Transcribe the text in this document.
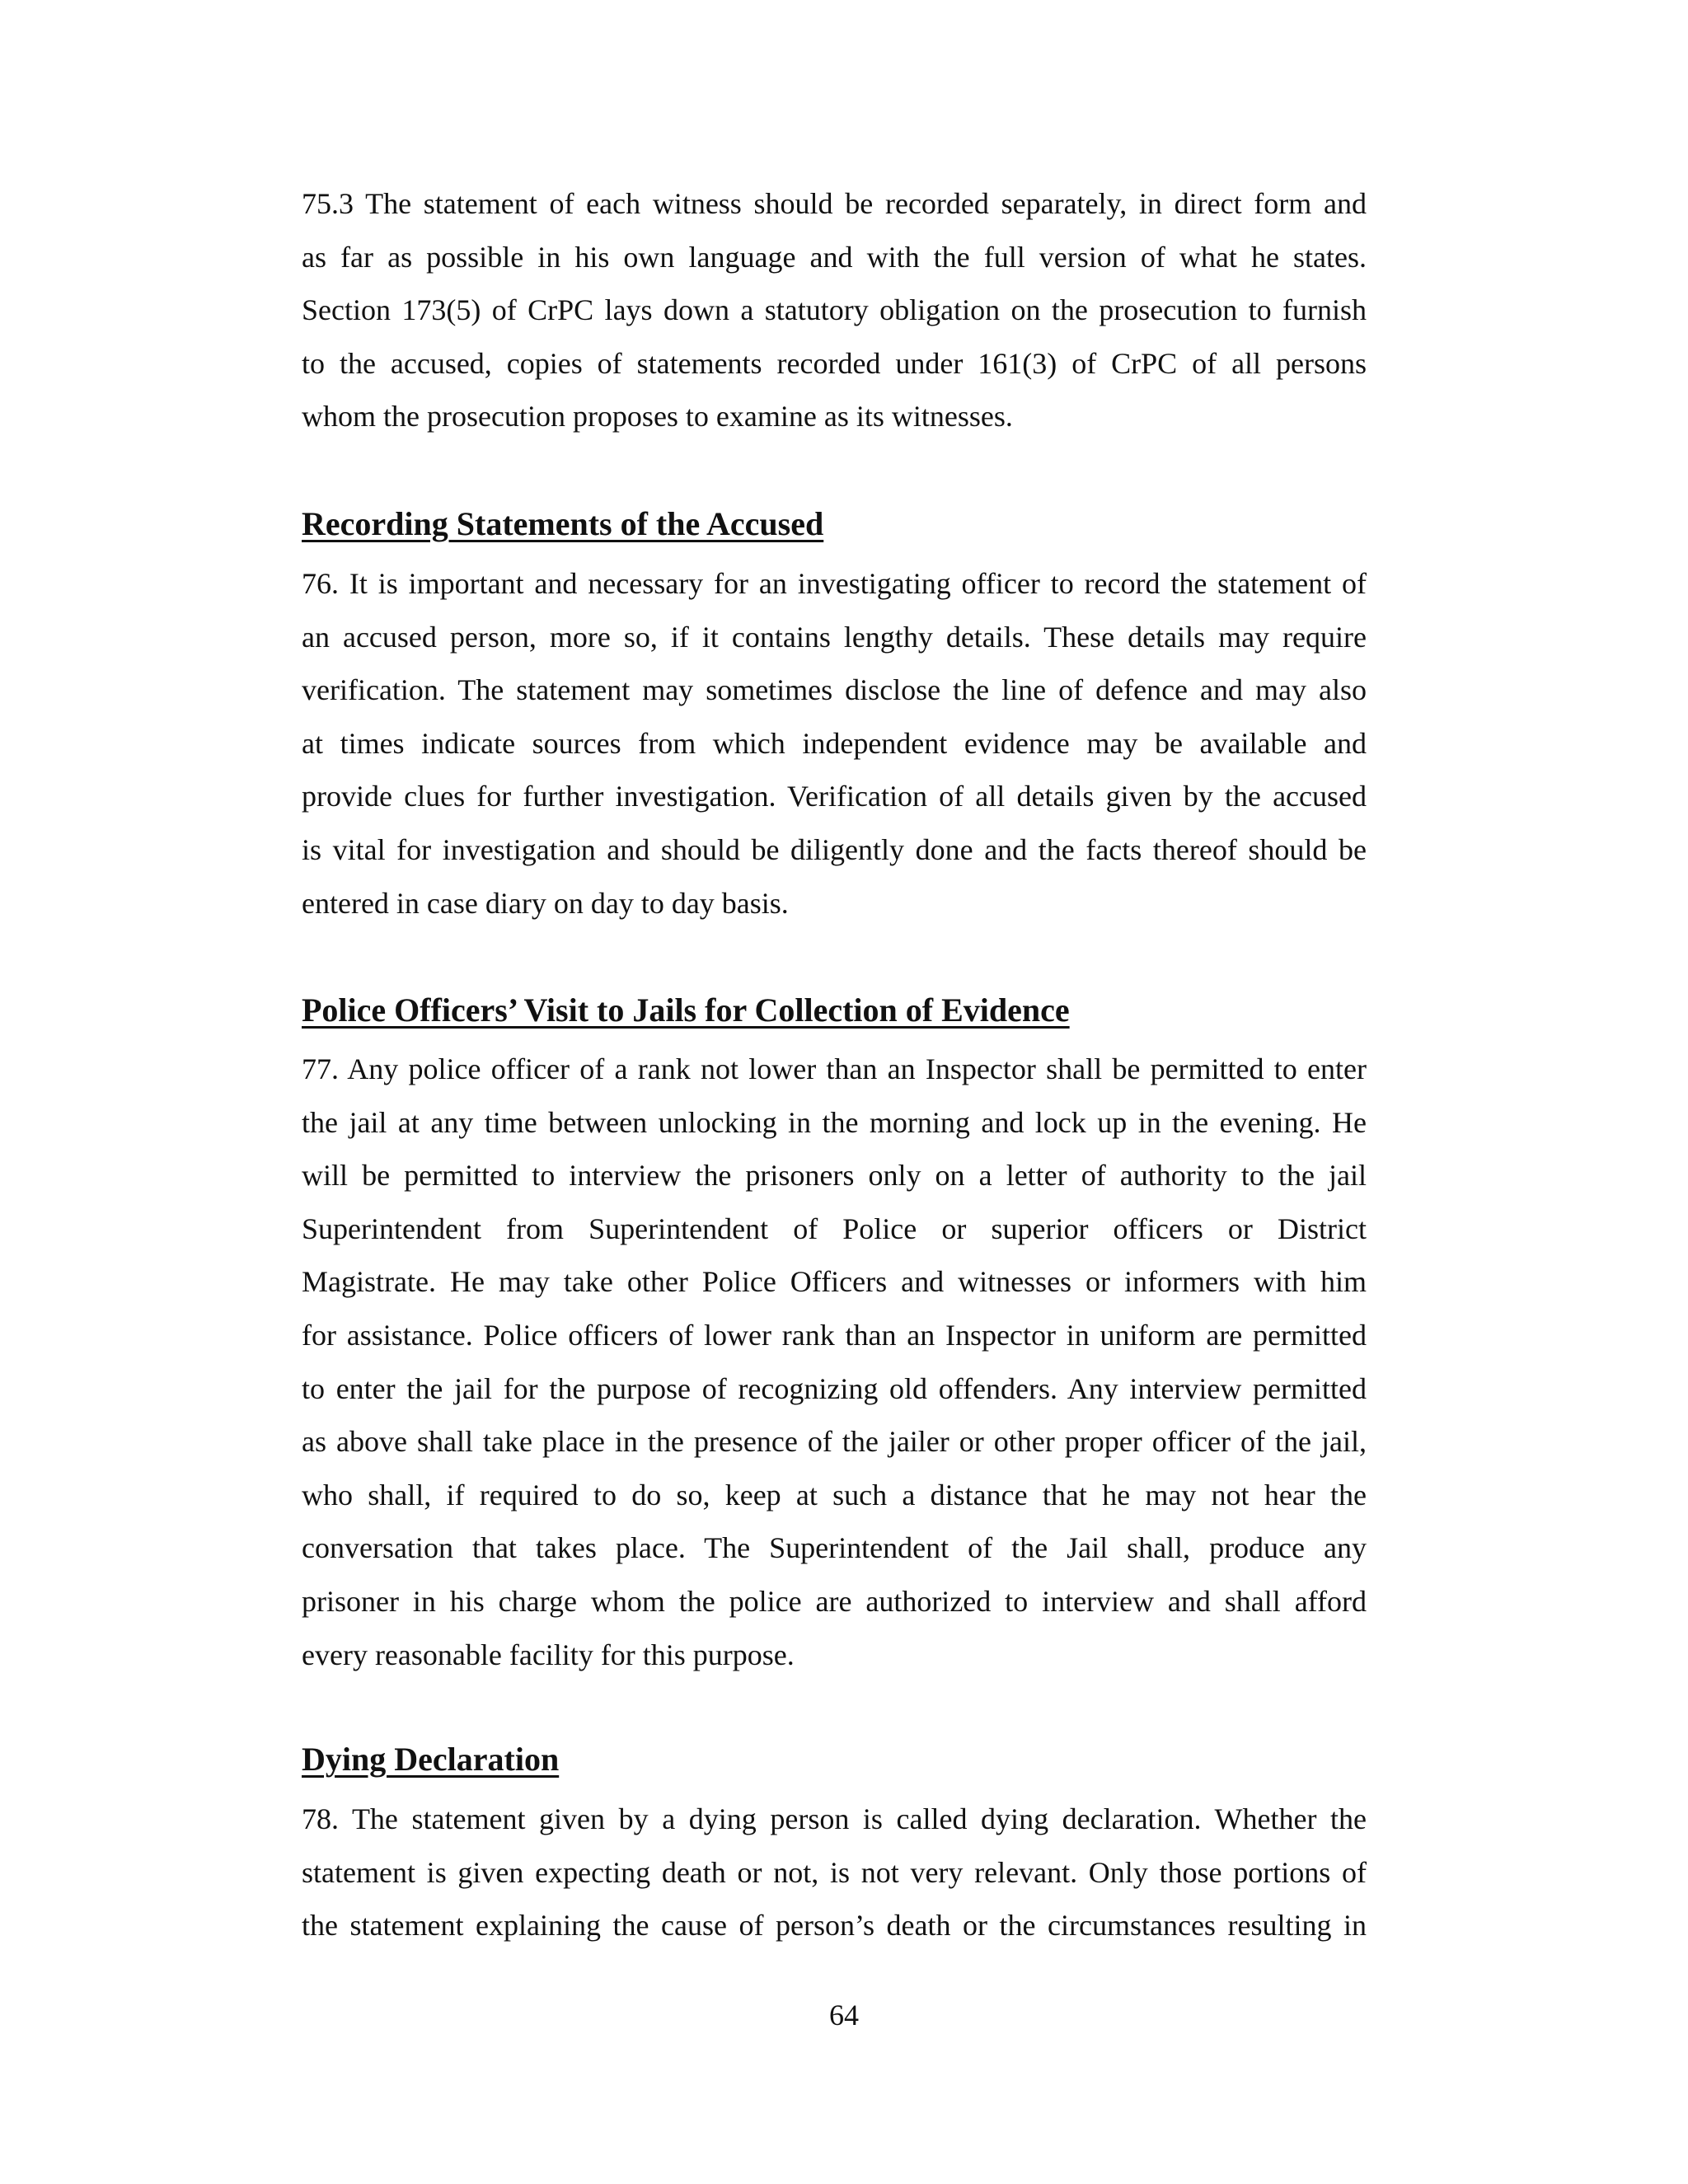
75.3 The statement of each witness should be recorded separately, in direct form and
as far as possible in his own language and with the full version of what he states.
Section 173(5) of CrPC lays down a statutory obligation on the prosecution to furnish
to the accused, copies of statements recorded under 161(3) of CrPC of all persons
whom the prosecution proposes to examine as its witnesses.

Recording Statements of the Accused

76. It is important and necessary for an investigating officer to record the statement of
an accused person, more so, if it contains lengthy details. These details may require
verification. The statement may sometimes disclose the line of defence and may also
at times indicate sources from which independent evidence may be available and
provide clues for further investigation. Verification of all details given by the accused
is vital for investigation and should be diligently done and the facts thereof should be
entered in case diary on day to day basis.

Police Officers’ Visit to Jails for Collection of Evidence

77. Any police officer of a rank not lower than an Inspector shall be permitted to enter
the jail at any time between unlocking in the morning and lock up in the evening. He
will be permitted to interview the prisoners only on a letter of authority to the jail
Superintendent from Superintendent of Police or superior officers or District
Magistrate. He may take other Police Officers and witnesses or informers with him
for assistance. Police officers of lower rank than an Inspector in uniform are permitted
to enter the jail for the purpose of recognizing old offenders. Any interview permitted
as above shall take place in the presence of the jailer or other proper officer of the jail,
who shall, if required to do so, keep at such a distance that he may not hear the
conversation that takes place. The Superintendent of the Jail shall, produce any
prisoner in his charge whom the police are authorized to interview and shall afford
every reasonable facility for this purpose.

Dying Declaration

78. The statement given by a dying person is called dying declaration. Whether the
statement is given expecting death or not, is not very relevant. Only those portions of
the statement explaining the cause of person’s death or the circumstances resulting in

64
